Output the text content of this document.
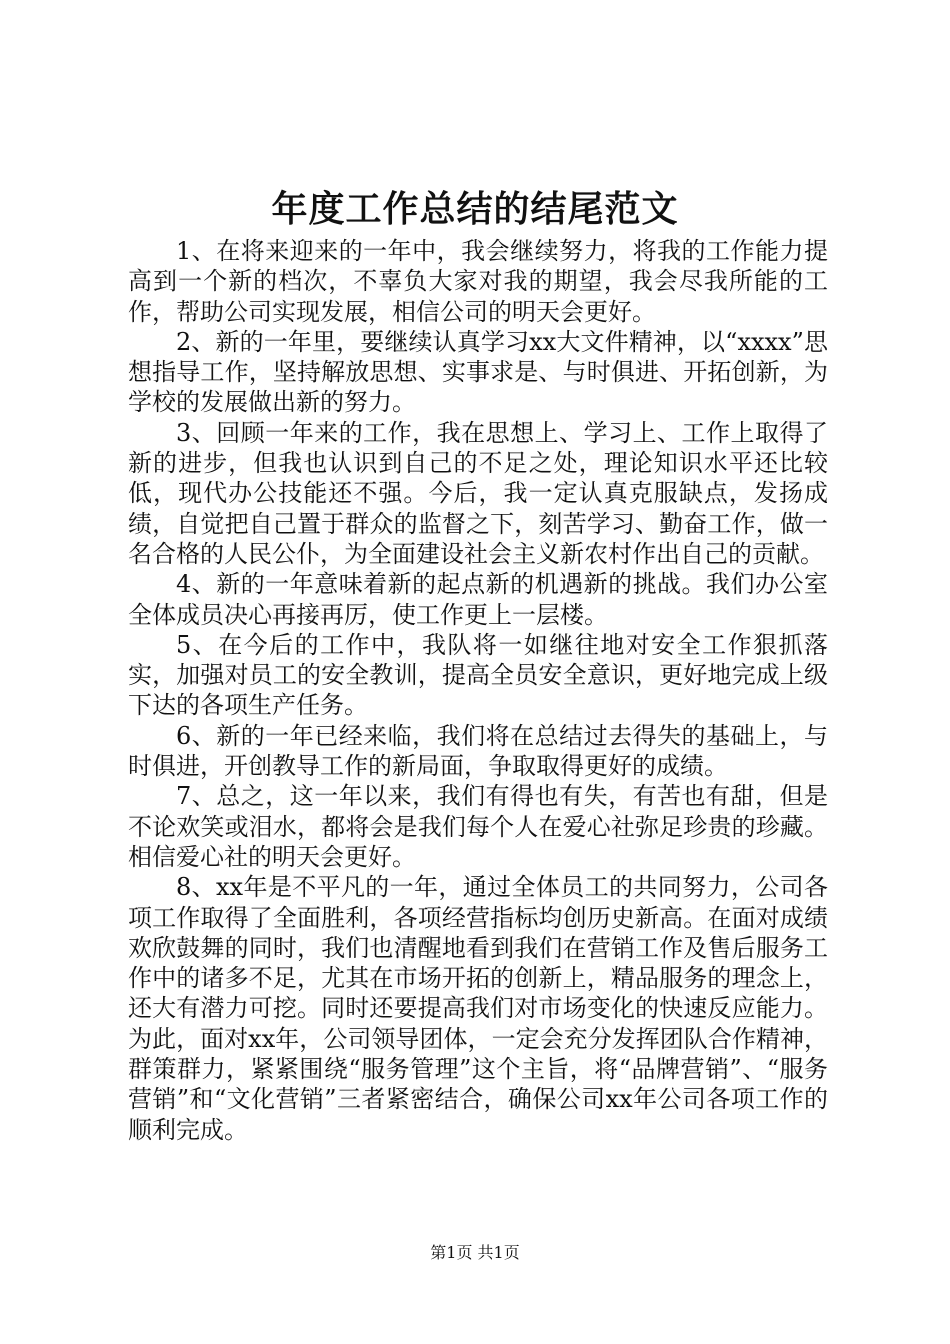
年度工作总结的结尾范文

1、在将来迎来的一年中，我会继续努力，将我的工作能力提高到一个新的档次，不辜负大家对我的期望，我会尽我所能的工作，帮助公司实现发展，相信公司的明天会更好。

2、新的一年里，要继续认真学习xx大文件精神，以“xxxx”思想指导工作，坚持解放思想、实事求是、与时俱进、开拓创新，为学校的发展做出新的努力。

3、回顾一年来的工作，我在思想上、学习上、工作上取得了新的进步，但我也认识到自己的不足之处，理论知识水平还比较低，现代办公技能还不强。今后，我一定认真克服缺点，发扬成绩，自觉把自己置于群众的监督之下，刻苦学习、勤奋工作，做一名合格的人民公仆，为全面建设社会主义新农村作出自己的贡献。

4、新的一年意味着新的起点新的机遇新的挑战。我们办公室全体成员决心再接再厉，使工作更上一层楼。

5、在今后的工作中，我队将一如继往地对安全工作狠抓落实，加强对员工的安全教训，提高全员安全意识，更好地完成上级下达的各项生产任务。

6、新的一年已经来临，我们将在总结过去得失的基础上，与时俱进，开创教导工作的新局面，争取取得更好的成绩。

7、总之，这一年以来，我们有得也有失，有苦也有甜，但是不论欢笑或泪水，都将会是我们每个人在爱心社弥足珍贵的珍藏。相信爱心社的明天会更好。

8、xx年是不平凡的一年，通过全体员工的共同努力，公司各项工作取得了全面胜利，各项经营指标均创历史新高。在面对成绩欢欣鼓舞的同时，我们也清醒地看到我们在营销工作及售后服务工作中的诸多不足，尤其在市场开拓的创新上，精品服务的理念上，还大有潜力可挖。同时还要提高我们对市场变化的快速反应能力。为此，面对xx年，公司领导团体，一定会充分发挥团队合作精神，群策群力，紧紧围绕“服务管理”这个主旨，将“品牌营销”、“服务营销”和“文化营销”三者紧密结合，确保公司xx年公司各项工作的顺利完成。

第1页 共1页
